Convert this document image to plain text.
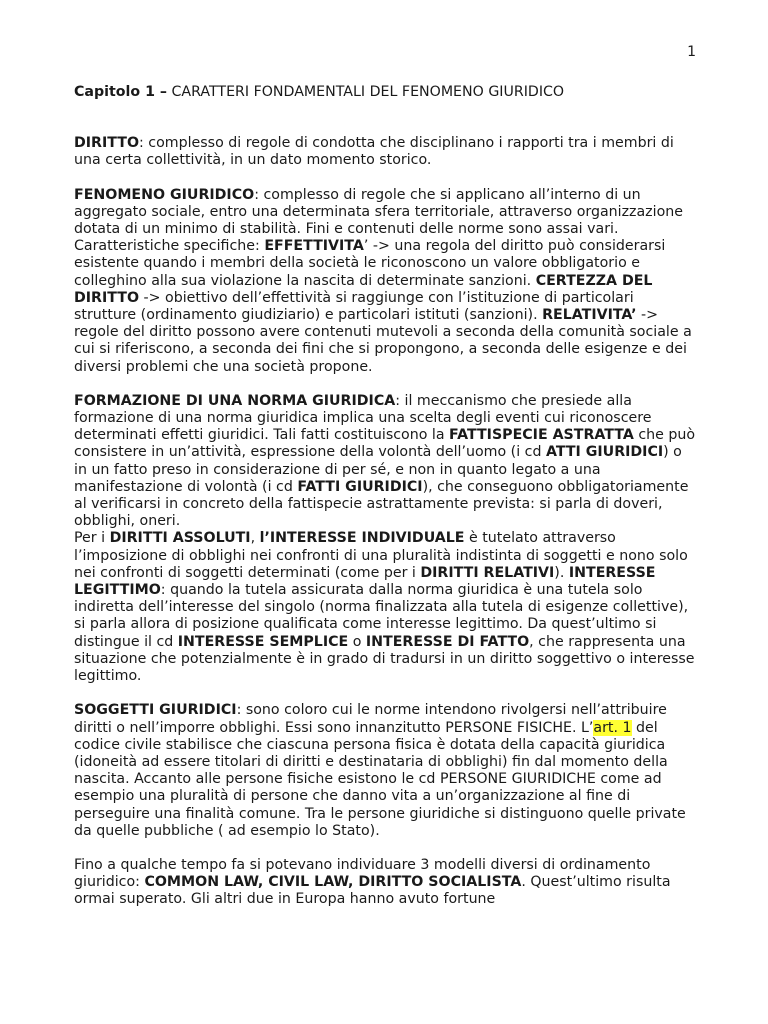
1

Capitolo 1 – CARATTERI FONDAMENTALI DEL FENOMENO GIURIDICO

DIRITTO: complesso di regole di condotta che disciplinano i rapporti tra i membri di una certa collettività, in un dato momento storico.

FENOMENO GIURIDICO: complesso di regole che si applicano all’interno di un aggregato sociale, entro una determinata sfera territoriale, attraverso organizzazione dotata di un minimo di stabilità. Fini e contenuti delle norme sono assai vari.

Caratteristiche specifiche: EFFETTIVITA’ -> una regola del diritto può considerarsi esistente quando i membri della società le riconoscono un valore obbligatorio e colleghino alla sua violazione la nascita di determinate sanzioni. CERTEZZA DEL DIRITTO -> obiettivo dell’effettività si raggiunge con l’istituzione di particolari strutture (ordinamento giudiziario) e particolari istituti (sanzioni). RELATIVITA’ -> regole del diritto possono avere contenuti mutevoli a seconda della comunità sociale a cui si riferiscono, a seconda dei fini che si propongono, a seconda delle esigenze e dei diversi problemi che una società propone.

FORMAZIONE DI UNA NORMA GIURIDICA: il meccanismo che presiede alla formazione di una norma giuridica implica una scelta degli eventi cui riconoscere determinati effetti giuridici. Tali fatti costituiscono la FATTISPECIE ASTRATTA che può consistere in un’attività, espressione della volontà dell’uomo (i cd ATTI GIURIDICI) o in un fatto preso in considerazione di per sé, e non in quanto legato a una manifestazione di volontà (i cd FATTI GIURIDICI), che conseguono obbligatoriamente al verificarsi in concreto della fattispecie astrattamente prevista: si parla di doveri, obblighi, oneri.

Per i DIRITTI ASSOLUTI, l’INTERESSE INDIVIDUALE è tutelato attraverso l’imposizione di obblighi nei confronti di una pluralità indistinta di soggetti e nono solo nei confronti di soggetti determinati (come per i DIRITTI RELATIVI). INTERESSE LEGITTIMO: quando la tutela assicurata dalla norma giuridica è una tutela solo indiretta dell’interesse del singolo (norma finalizzata alla tutela di esigenze collettive), si parla allora di posizione qualificata come interesse legittimo. Da quest’ultimo si distingue il cd INTERESSE SEMPLICE o INTERESSE DI FATTO, che rappresenta una situazione che potenzialmente è in grado di tradursi in un diritto soggettivo o interesse legittimo.

SOGGETTI GIURIDICI: sono coloro cui le norme intendono rivolgersi nell’attribuire diritti o nell’imporre obblighi. Essi sono innanzitutto PERSONE FISICHE. L’art. 1 del codice civile stabilisce che ciascuna persona fisica è dotata della capacità giuridica (idoneità ad essere titolari di diritti e destinataria di obblighi) fin dal momento della nascita. Accanto alle persone fisiche esistono le cd PERSONE GIURIDICHE come ad esempio una pluralità di persone che danno vita a un’organizzazione al fine di perseguire una finalità comune. Tra le persone giuridiche si distinguono quelle private da quelle pubbliche ( ad esempio lo Stato).

Fino a qualche tempo fa si potevano individuare 3 modelli diversi di ordinamento giuridico: COMMON LAW, CIVIL LAW, DIRITTO SOCIALISTA. Quest’ultimo risulta ormai superato. Gli altri due in Europa hanno avuto fortune
